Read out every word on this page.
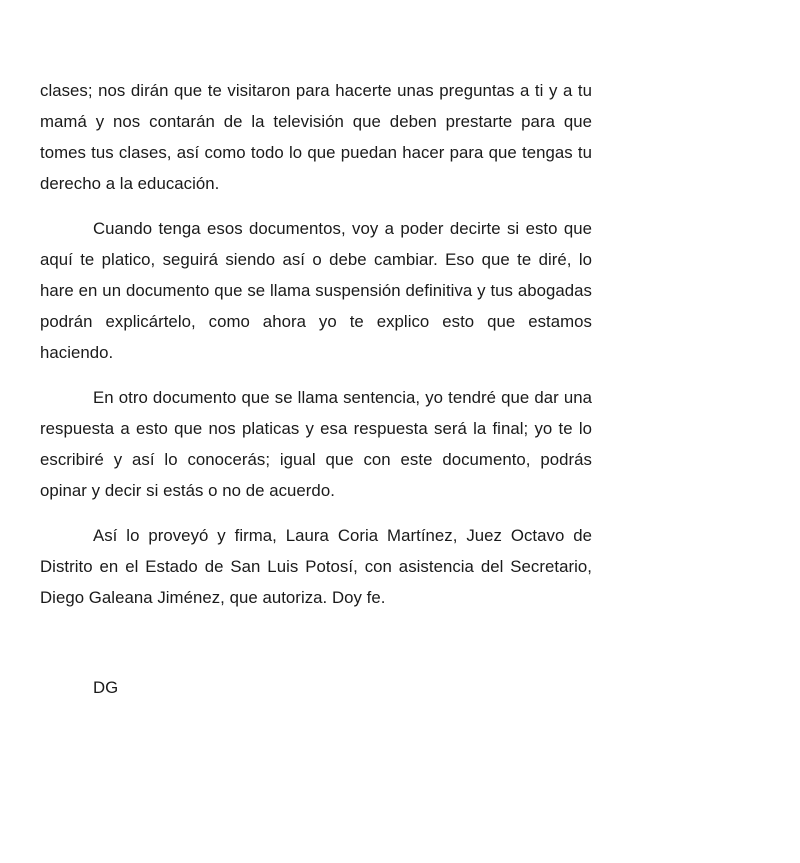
clases; nos dirán que te visitaron para hacerte unas preguntas a ti y a tu mamá y nos contarán de la televisión que deben prestarte para que tomes tus clases, así como todo lo que puedan hacer para que tengas tu derecho a la educación.

Cuando tenga esos documentos, voy a poder decirte si esto que aquí te platico, seguirá siendo así o debe cambiar. Eso que te diré, lo hare en un documento que se llama suspensión definitiva y tus abogadas podrán explicártelo, como ahora yo te explico esto que estamos haciendo.

En otro documento que se llama sentencia, yo tendré que dar una respuesta a esto que nos platicas y esa respuesta será la final; yo te lo escribiré y así lo conocerás; igual que con este documento, podrás opinar y decir si estás o no de acuerdo.

Así lo proveyó y firma, Laura Coria Martínez, Juez Octavo de Distrito en el Estado de San Luis Potosí, con asistencia del Secretario, Diego Galeana Jiménez, que autoriza. Doy fe.

DG
